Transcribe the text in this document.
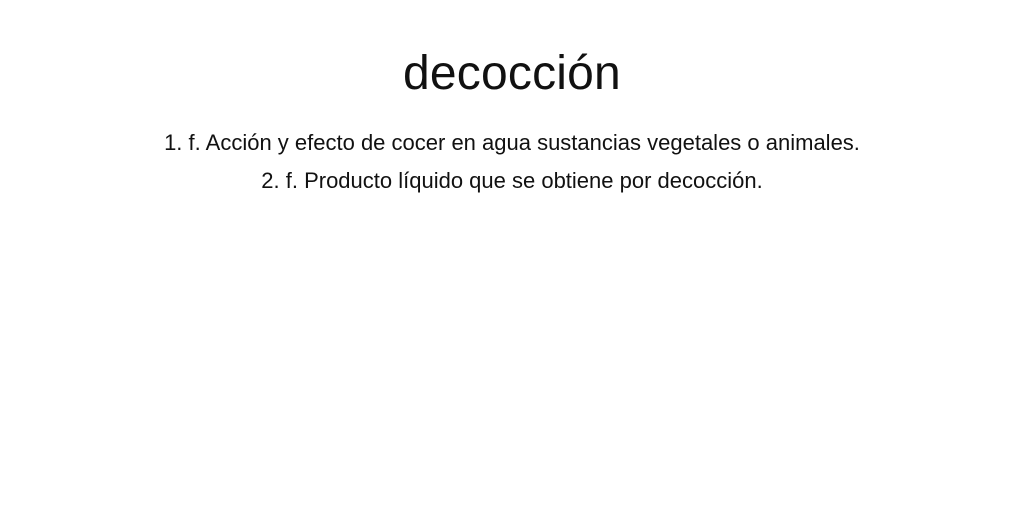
decocción
1. f. Acción y efecto de cocer en agua sustancias vegetales o animales.
2. f. Producto líquido que se obtiene por decocción.
